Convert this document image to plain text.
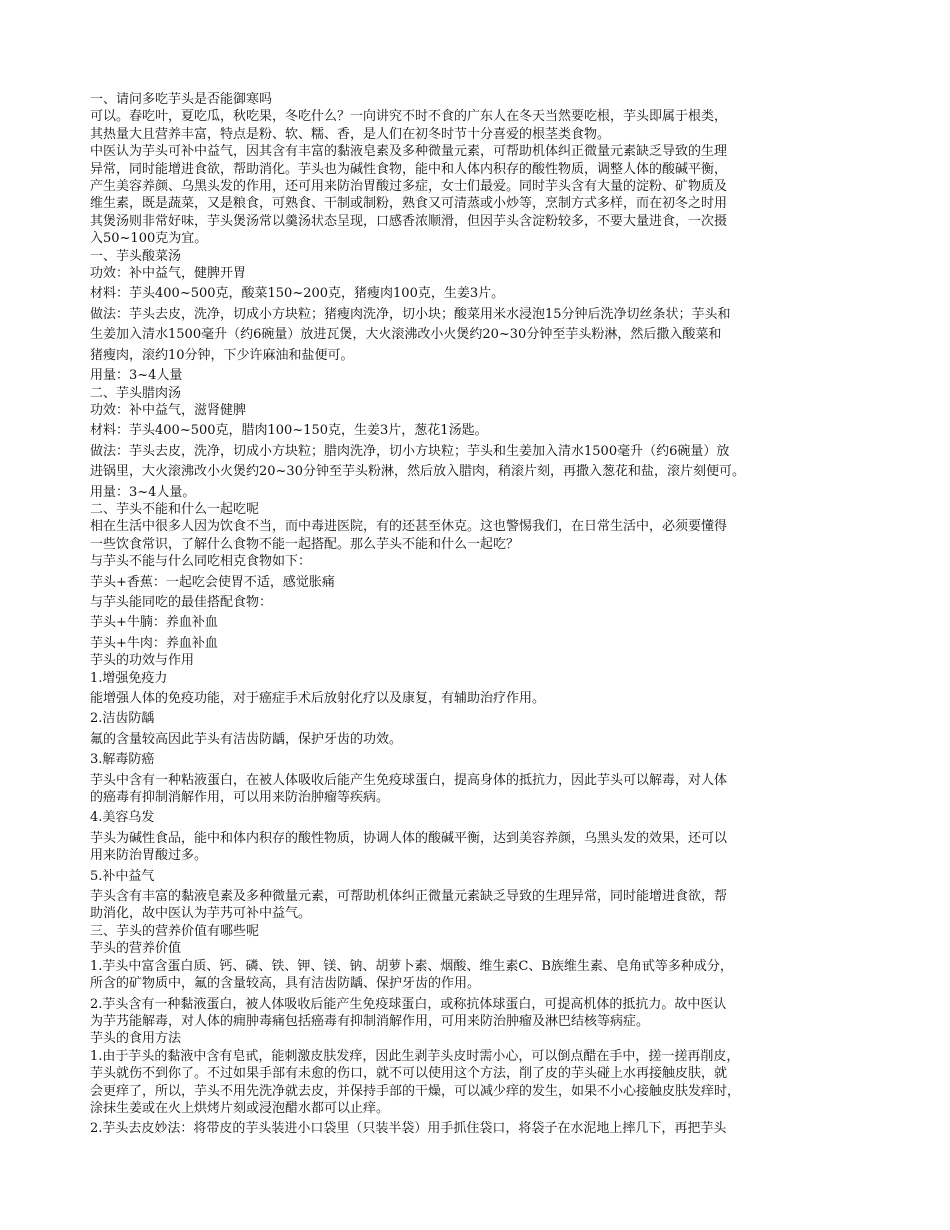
一、请问多吃芋头是否能御寒吗
可以。春吃叶，夏吃瓜，秋吃果，冬吃什么？一向讲究不时不食的广东人在冬天当然要吃根，芋头即属于根类，
其热量大且营养丰富，特点是粉、软、糯、香，是人们在初冬时节十分喜爱的根茎类食物。
中医认为芋头可补中益气，因其含有丰富的黏液皂素及多种微量元素，可帮助机体纠正微量元素缺乏导致的生理
异常，同时能增进食欲，帮助消化。芋头也为碱性食物，能中和人体内积存的酸性物质，调整人体的酸碱平衡，
产生美容养颜、乌黑头发的作用，还可用来防治胃酸过多症，女士们最爱。同时芋头含有大量的淀粉、矿物质及
维生素，既是蔬菜，又是粮食，可熟食、干制或制粉，熟食又可清蒸或小炒等，烹制方式多样，而在初冬之时用
其煲汤则非常好味，芋头煲汤常以羹汤状态呈现，口感香浓顺滑，但因芋头含淀粉较多，不要大量进食，一次摄
入50~100克为宜。
一、芋头酸菜汤
功效：补中益气，健脾开胃
材料：芋头400~500克，酸菜150~200克，猪瘦肉100克，生姜3片。
做法：芋头去皮，洗净，切成小方块粒；猪瘦肉洗净，切小块；酸菜用米水浸泡15分钟后洗净切丝条状；芋头和
生姜加入清水1500毫升（约6碗量）放进瓦煲，大火滚沸改小火煲约20~30分钟至芋头粉淋，然后撒入酸菜和
猪瘦肉，滚约10分钟，下少许麻油和盐便可。
用量：3~4人量
二、芋头腊肉汤
功效：补中益气，滋肾健脾
材料：芋头400~500克，腊肉100~150克，生姜3片，葱花1汤匙。
做法：芋头去皮，洗净，切成小方块粒；腊肉洗净，切小方块粒；芋头和生姜加入清水1500毫升（约6碗量）放
进锅里，大火滚沸改小火煲约20~30分钟至芋头粉淋，然后放入腊肉，稍滚片刻，再撒入葱花和盐，滚片刻便可。
用量：3~4人量。
二、芋头不能和什么一起吃呢
相在生活中很多人因为饮食不当，而中毒进医院，有的还甚至休克。这也警惕我们，在日常生活中，必须要懂得
一些饮食常识，了解什么食物不能一起搭配。那么芋头不能和什么一起吃？
与芋头不能与什么同吃相克食物如下：
芋头+香蕉：一起吃会使胃不适，感觉胀痛
与芋头能同吃的最佳搭配食物：
芋头+牛腩：养血补血
芋头+牛肉：养血补血
芋头的功效与作用
1.增强免疫力
能增强人体的免疫功能，对于癌症手术后放射化疗以及康复，有辅助治疗作用。
2.洁齿防龋
氟的含量较高因此芋头有洁齿防龋，保护牙齿的功效。
3.解毒防癌
芋头中含有一种粘液蛋白，在被人体吸收后能产生免疫球蛋白，提高身体的抵抗力，因此芋头可以解毒，对人体
的癌毒有抑制消解作用，可以用来防治肿瘤等疾病。
4.美容乌发
芋头为碱性食品，能中和体内积存的酸性物质，协调人体的酸碱平衡，达到美容养颜，乌黑头发的效果，还可以
用来防治胃酸过多。
5.补中益气
芋头含有丰富的黏液皂素及多种微量元素，可帮助机体纠正微量元素缺乏导致的生理异常，同时能增进食欲，帮
助消化，故中医认为芋艿可补中益气。
三、芋头的营养价值有哪些呢
芋头的营养价值
1.芋头中富含蛋白质、钙、磷、铁、钾、镁、钠、胡萝卜素、烟酸、维生素C、B族维生素、皂角甙等多种成分，
所含的矿物质中，氟的含量较高，具有洁齿防龋、保护牙齿的作用。
2.芋头含有一种黏液蛋白，被人体吸收后能产生免疫球蛋白，或称抗体球蛋白，可提高机体的抵抗力。故中医认
为芋艿能解毒，对人体的痈肿毒痛包括癌毒有抑制消解作用，可用来防治肿瘤及淋巴结核等病症。
芋头的食用方法
1.由于芋头的黏液中含有皂甙，能刺激皮肤发痒，因此生剥芋头皮时需小心，可以倒点醋在手中，搓一搓再削皮，
芋头就伤不到你了。不过如果手部有未愈的伤口，就不可以使用这个方法，削了皮的芋头碰上水再接触皮肤，就
会更痒了，所以，芋头不用先洗净就去皮，并保持手部的干燥，可以减少痒的发生，如果不小心接触皮肤发痒时，
涂抹生姜或在火上烘烤片刻或浸泡醋水都可以止痒。
2.芋头去皮妙法：将带皮的芋头装进小口袋里（只装半袋）用手抓住袋口，将袋子在水泥地上摔几下，再把芋头
